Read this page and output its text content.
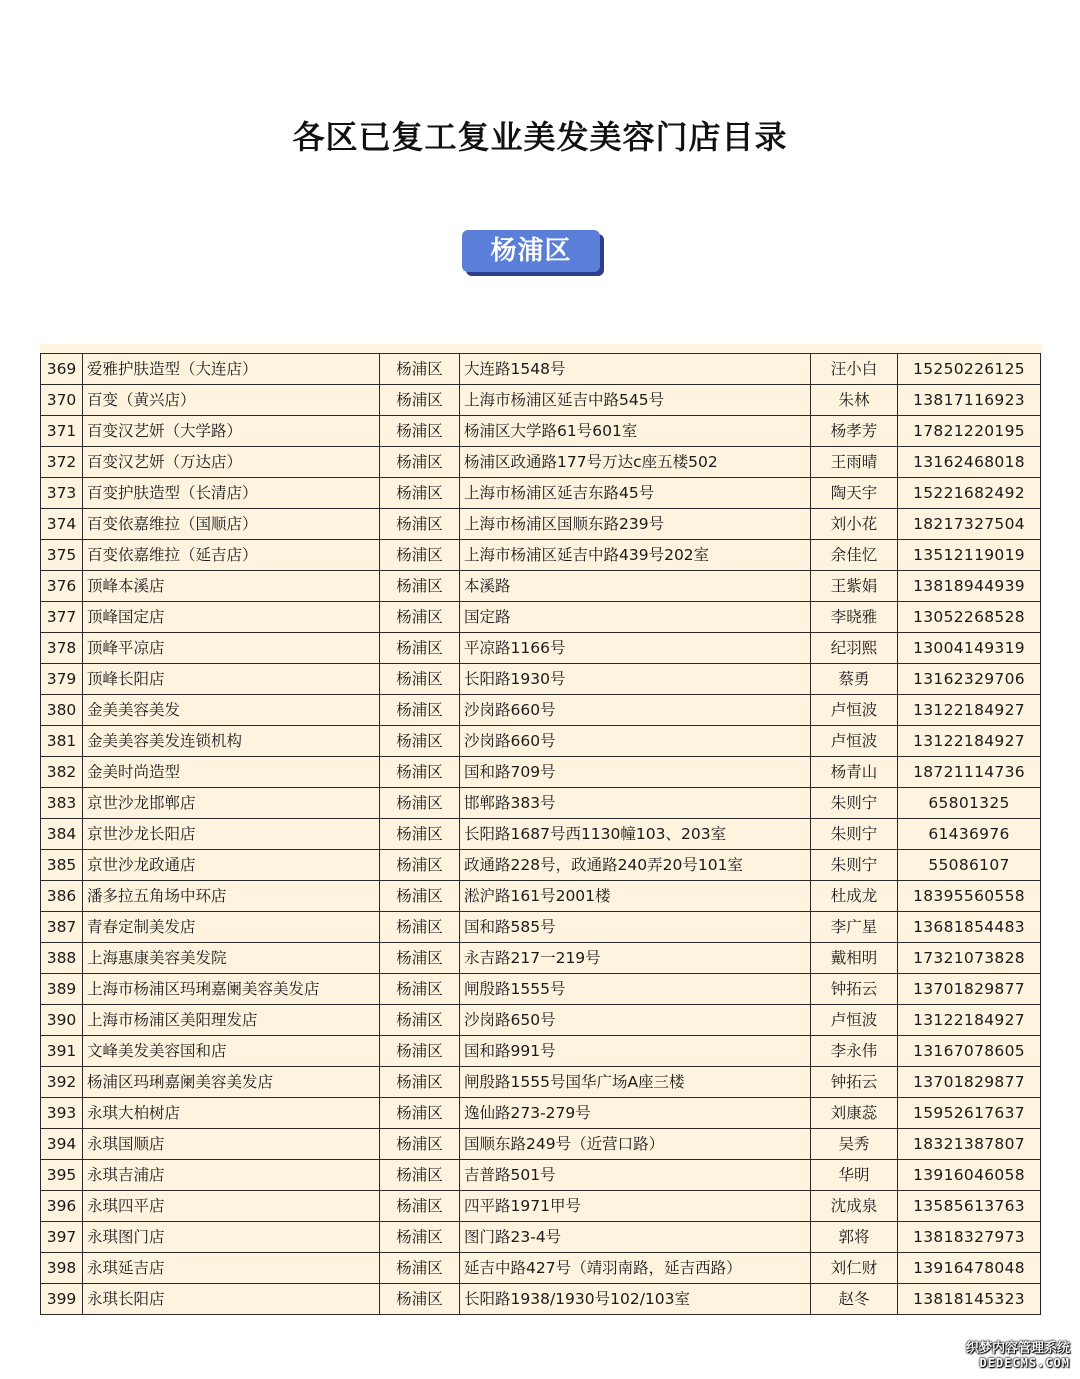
各区已复工复业美发美容门店目录
杨浦区
369	爱雅护肤造型（大连店）	杨浦区	大连路1548号	汪小白	15250226125
370	百变（黄兴店）	杨浦区	上海市杨浦区延吉中路545号	朱林	13817116923
371	百变汉艺妍（大学路）	杨浦区	杨浦区大学路61号601室	杨孝芳	17821220195
372	百变汉艺妍（万达店）	杨浦区	杨浦区政通路177号万达c座五楼502	王雨晴	13162468018
373	百变护肤造型（长清店）	杨浦区	上海市杨浦区延吉东路45号	陶天宇	15221682492
374	百变依嘉维拉（国顺店）	杨浦区	上海市杨浦区国顺东路239号	刘小花	18217327504
375	百变依嘉维拉（延吉店）	杨浦区	上海市杨浦区延吉中路439号202室	余佳忆	13512119019
376	顶峰本溪店	杨浦区	本溪路	王紫娟	13818944939
377	顶峰国定店	杨浦区	国定路	李晓雅	13052268528
378	顶峰平凉店	杨浦区	平凉路1166号	纪羽熙	13004149319
379	顶峰长阳店	杨浦区	长阳路1930号	蔡勇	13162329706
380	金美美容美发	杨浦区	沙岗路660号	卢恒波	13122184927
381	金美美容美发连锁机构	杨浦区	沙岗路660号	卢恒波	13122184927
382	金美时尚造型	杨浦区	国和路709号	杨青山	18721114736
383	京世沙龙邯郸店	杨浦区	邯郸路383号	朱则宁	65801325
384	京世沙龙长阳店	杨浦区	长阳路1687号西1130幢103、203室	朱则宁	61436976
385	京世沙龙政通店	杨浦区	政通路228号，政通路240弄20号101室	朱则宁	55086107
386	潘多拉五角场中环店	杨浦区	淞沪路161号2001楼	杜成龙	18395560558
387	青春定制美发店	杨浦区	国和路585号	李广星	13681854483
388	上海惠康美容美发院	杨浦区	永吉路217一219号	戴相明	17321073828
389	上海市杨浦区玛琍嘉阑美容美发店	杨浦区	闸殷路1555号	钟拓云	13701829877
390	上海市杨浦区美阳理发店	杨浦区	沙岗路650号	卢恒波	13122184927
391	文峰美发美容国和店	杨浦区	国和路991号	李永伟	13167078605
392	杨浦区玛琍嘉阑美容美发店	杨浦区	闸殷路1555号国华广场A座三楼	钟拓云	13701829877
393	永琪大柏树店	杨浦区	逸仙路273-279号	刘康蕊	15952617637
394	永琪国顺店	杨浦区	国顺东路249号（近营口路）	吴秀	18321387807
395	永琪吉浦店	杨浦区	吉普路501号	华明	13916046058
396	永琪四平店	杨浦区	四平路1971甲号	沈成泉	13585613763
397	永琪图门店	杨浦区	图门路23-4号	郭将	13818327973
398	永琪延吉店	杨浦区	延吉中路427号（靖羽南路，延吉西路）	刘仁财	13916478048
399	永琪长阳店	杨浦区	长阳路1938/1930号102/103室	赵冬	13818145323
织梦内容管理系统
DEDECMS.COM
